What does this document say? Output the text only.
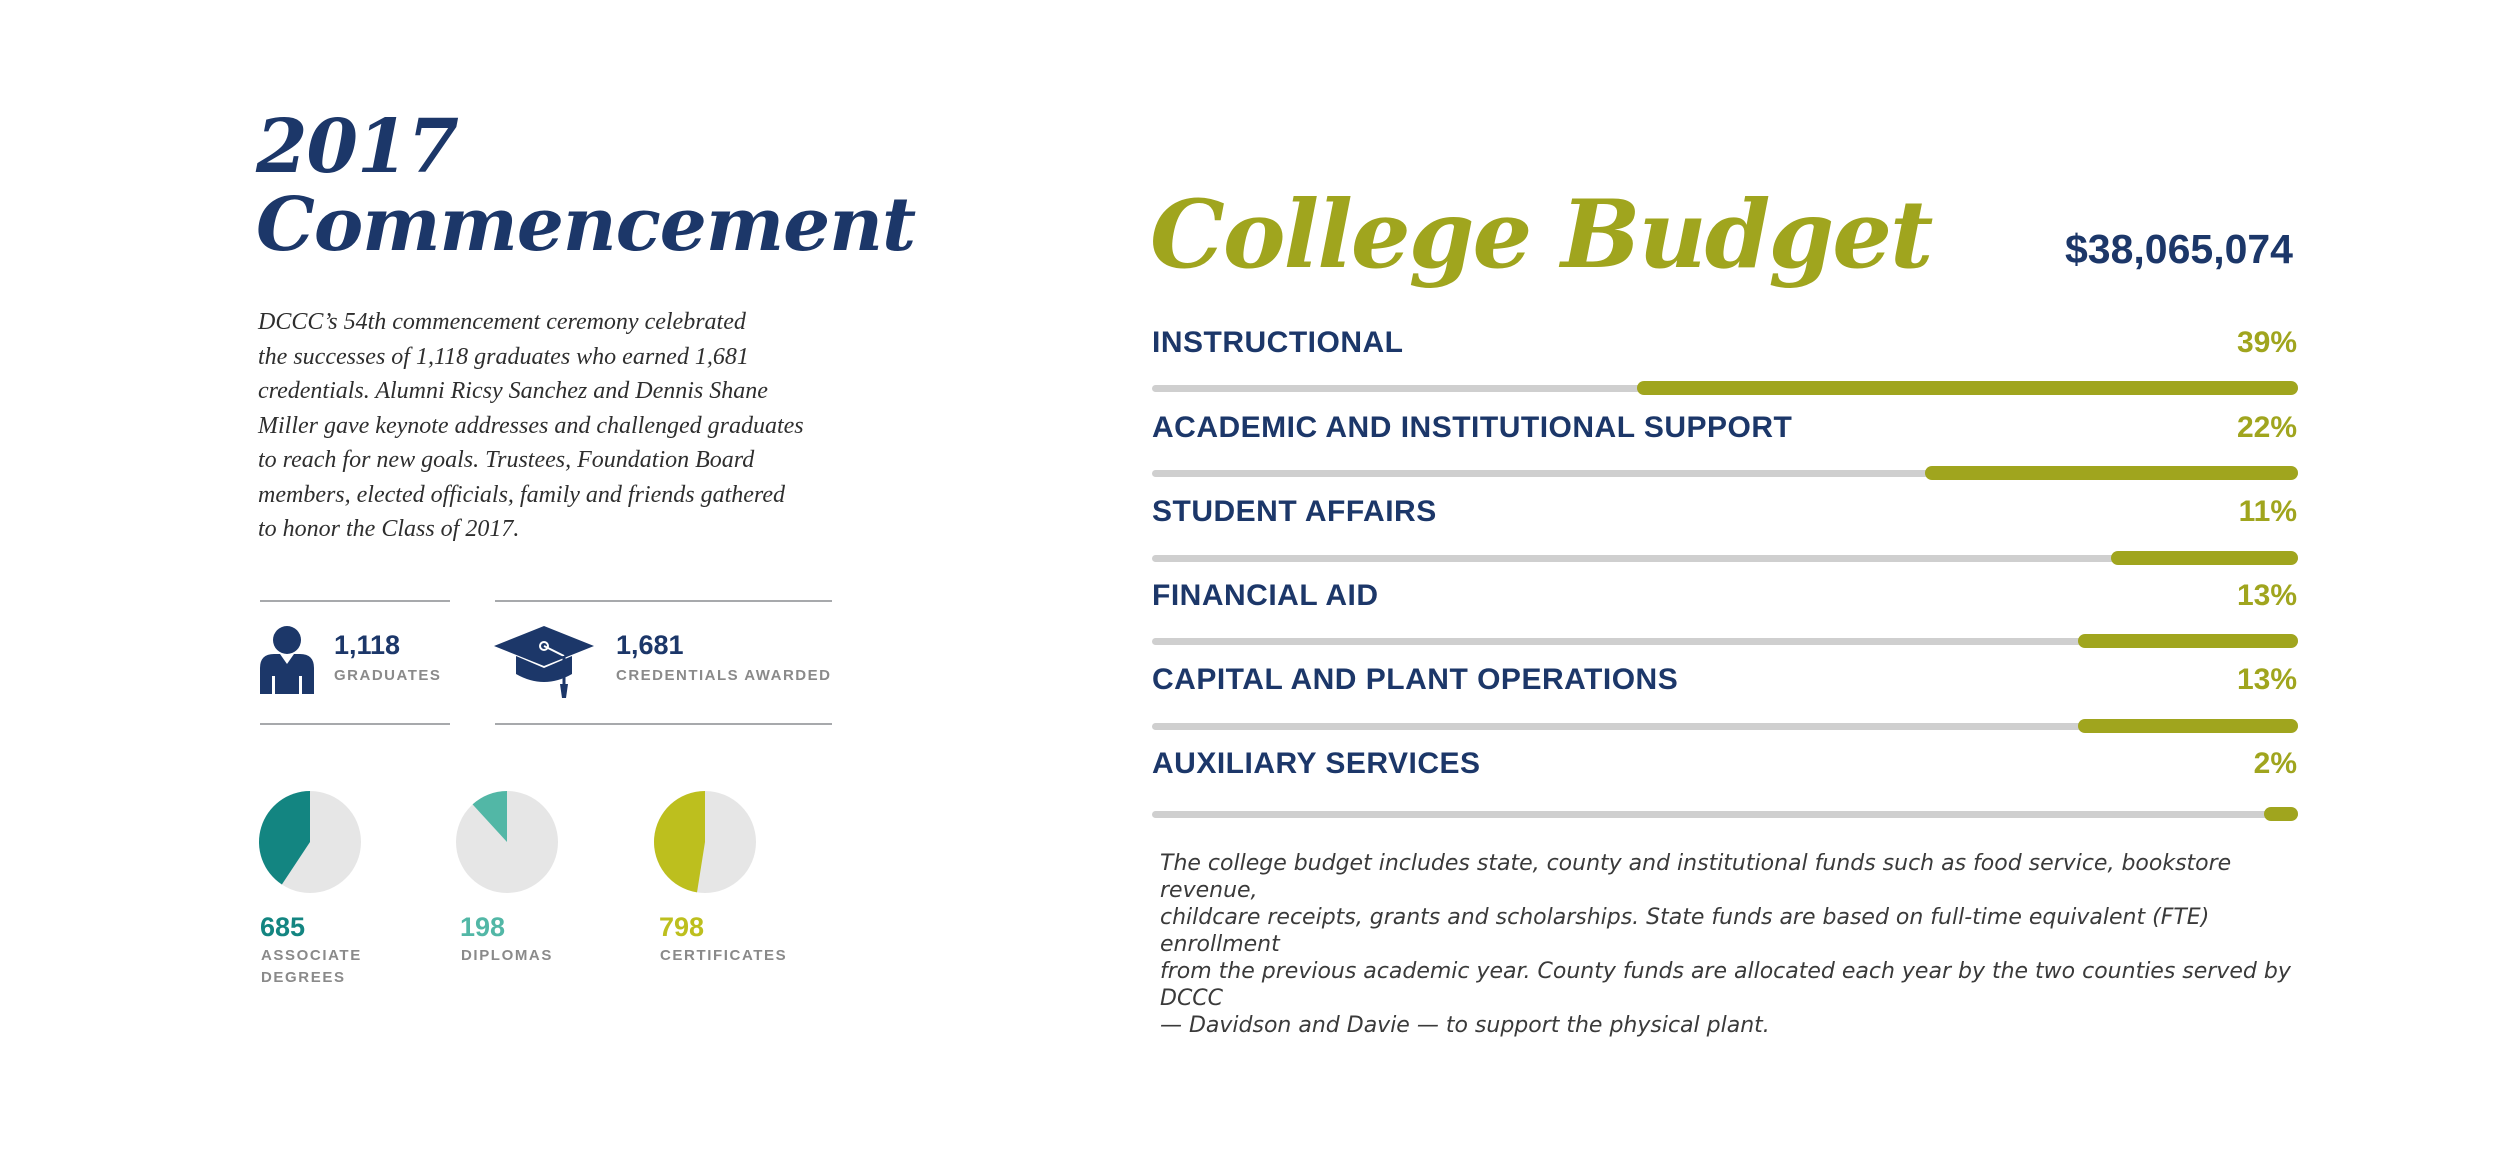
2017
Commencement
DCCC’s 54th commencement ceremony celebrated
the successes of 1,118 graduates who earned 1,681
credentials. Alumni Ricsy Sanchez and Dennis Shane
Miller gave keynote addresses and challenged graduates
to reach for new goals. Trustees, Foundation Board
members, elected officials, family and friends gathered
to honor the Class of 2017.
1,118
GRADUATES
1,681
CREDENTIALS AWARDED
685
ASSOCIATE
DEGREES
198
DIPLOMAS
798
CERTIFICATES
College Budget	$38,065,074
INSTRUCTIONAL	39%
ACADEMIC AND INSTITUTIONAL SUPPORT	22%
STUDENT AFFAIRS	11%
FINANCIAL AID	13%
CAPITAL AND PLANT OPERATIONS	13%
AUXILIARY SERVICES	2%
The college budget includes state, county and institutional funds such as food service, bookstore revenue,
childcare receipts, grants and scholarships. State funds are based on full-time equivalent (FTE) enrollment
from the previous academic year. County funds are allocated each year by the two counties served by DCCC
— Davidson and Davie — to support the physical plant.
